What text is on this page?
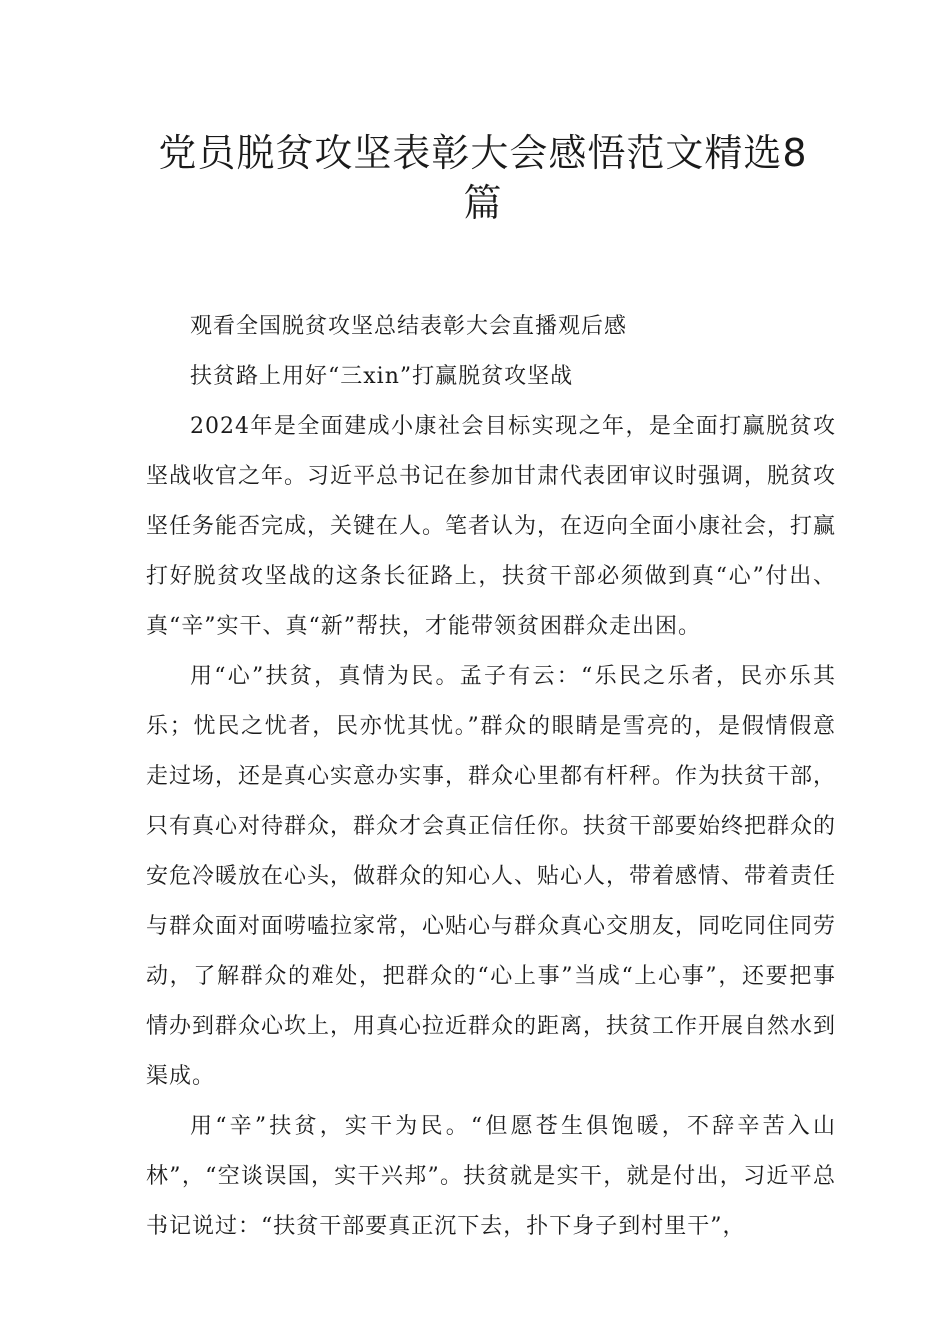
党员脱贫攻坚表彰大会感悟范文精选8篇

观看全国脱贫攻坚总结表彰大会直播观后感

扶贫路上用好“三xin”打赢脱贫攻坚战

2024年是全面建成小康社会目标实现之年，是全面打赢脱贫攻坚战收官之年。习近平总书记在参加甘肃代表团审议时强调，脱贫攻坚任务能否完成，关键在人。笔者认为，在迈向全面小康社会，打赢打好脱贫攻坚战的这条长征路上，扶贫干部必须做到真“心”付出、真“辛”实干、真“新”帮扶，才能带领贫困群众走出困。

用“心”扶贫，真情为民。孟子有云：“乐民之乐者，民亦乐其乐；忧民之忧者，民亦忧其忧。”群众的眼睛是雪亮的，是假情假意走过场，还是真心实意办实事，群众心里都有杆秤。作为扶贫干部，只有真心对待群众，群众才会真正信任你。扶贫干部要始终把群众的安危冷暖放在心头，做群众的知心人、贴心人，带着感情、带着责任与群众面对面唠嗑拉家常，心贴心与群众真心交朋友，同吃同住同劳动，了解群众的难处，把群众的“心上事”当成“上心事”，还要把事情办到群众心坎上，用真心拉近群众的距离，扶贫工作开展自然水到渠成。

用“辛”扶贫，实干为民。“但愿苍生俱饱暖，不辞辛苦入山林”，“空谈误国，实干兴邦”。扶贫就是实干，就是付出，习近平总书记说过：“扶贫干部要真正沉下去，扑下身子到村里干”，
